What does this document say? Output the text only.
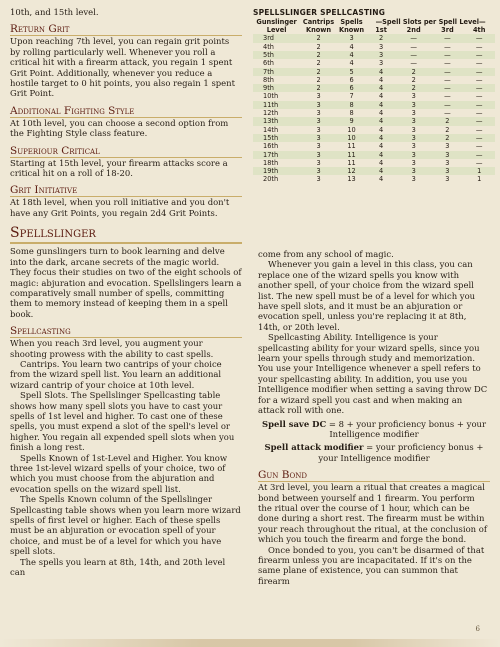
10th, and 15th level.

Return Grit

Upon reaching 7th level, you can regain grit points by rolling particularly well. Whenever you roll a critical hit with a firearm attack, you regain 1 spent Grit Point. Additionally, whenever you reduce a hostile target to 0 hit points, you also regain 1 spent Grit Point.

Additional Fighting Style

At 10th level, you can choose a second option from the Fighting Style class feature.

Superiour Critical

Starting at 15th level, your firearm attacks score a critical hit on a roll of 18-20.

Grit Initiative

At 18th level, when you roll initiative and you don't have any Grit Points, you regain 2d4 Grit Points.

Spellslinger

Some gunslingers turn to book learning and delve into the dark, arcane secrets of the magic world. They focus their studies on two of the eight schools of magic: abjuration and evocation. Spellslingers learn a comparatively small number of spells, committing them to memory instead of keeping them in a spell book.

Spellcasting

When you reach 3rd level, you augment your shooting prowess with the ability to cast spells.

Cantrips. You learn two cantrips of your choice from the wizard spell list. You learn an additional wizard cantrip of your choice at 10th level.

Spell Slots. The Spellslinger Spellcasting table shows how many spell slots you have to cast your spells of 1st level and higher. To cast one of these spells, you must expend a slot of the spell's level or higher. You regain all expended spell slots when you finish a long rest.

Spells Known of 1st-Level and Higher. You know three 1st-level wizard spells of your choice, two of which you must choose from the abjuration and evocation spells on the wizard spell list.

The Spells Known column of the Spellslinger Spellcasting table shows when you learn more wizard spells of first level or higher. Each of these spells must be an abjuration or evocation spell of your choice, and must be of a level for which you have spell slots.

The spells you learn at 8th, 14th, and 20th level can

SPELLSLINGER SPELLCASTING
Gunslinger	Cantrips	Spells	—Spell Slots per Spell Level—			
Level	Known	Known	1st	2nd	3rd	4th
3rd	2	3	2	—	—	—
4th	2	4	3	—	—	—
5th	2	4	3	—	—	—
6th	2	4	3	—	—	—
7th	2	5	4	2	—	—
8th	2	6	4	2	—	—
9th	2	6	4	2	—	—
10th	3	7	4	3	—	—
11th	3	8	4	3	—	—
12th	3	8	4	3	—	—
13th	3	9	4	3	2	—
14th	3	10	4	3	2	—
15th	3	10	4	3	2	—
16th	3	11	4	3	3	—
17th	3	11	4	3	3	—
18th	3	11	4	3	3	—
19th	3	12	4	3	3	1
20th	3	13	4	3	3	1

come from any school of magic.

Whenever you gain a level in this class, you can replace one of the wizard spells you know with another spell, of your choice from the wizard spell list. The new spell must be of a level for which you have spell slots, and it must be an abjuration or evocation spell, unless you're replacing it at 8th, 14th, or 20th level.

Spellcasting Ability. Intelligence is your spellcasting ability for your wizard spells, since you learn your spells through study and memorization. You use your Intelligence whenever a spell refers to your spellcasting ability. In addition, you use you Intelligence modifier when setting a saving throw DC for a wizard spell you cast and when making an attack roll with one.

Spell save DC = 8 + your proficiency bonus + your Intelligence modifier
Spell attack modifier = your proficiency bonus + your Intelligence modifier
Gun Bond

At 3rd level, you learn a ritual that creates a magical bond between yourself and 1 firearm. You perform the ritual over the course of 1 hour, which can be done during a short rest. The firearm must be within your reach throughout the ritual, at the conclusion of which you touch the firearm and forge the bond.

Once bonded to you, you can't be disarmed of that firearm unless you are incapacitated. If it's on the same plane of existence, you can summon that firearm

6
